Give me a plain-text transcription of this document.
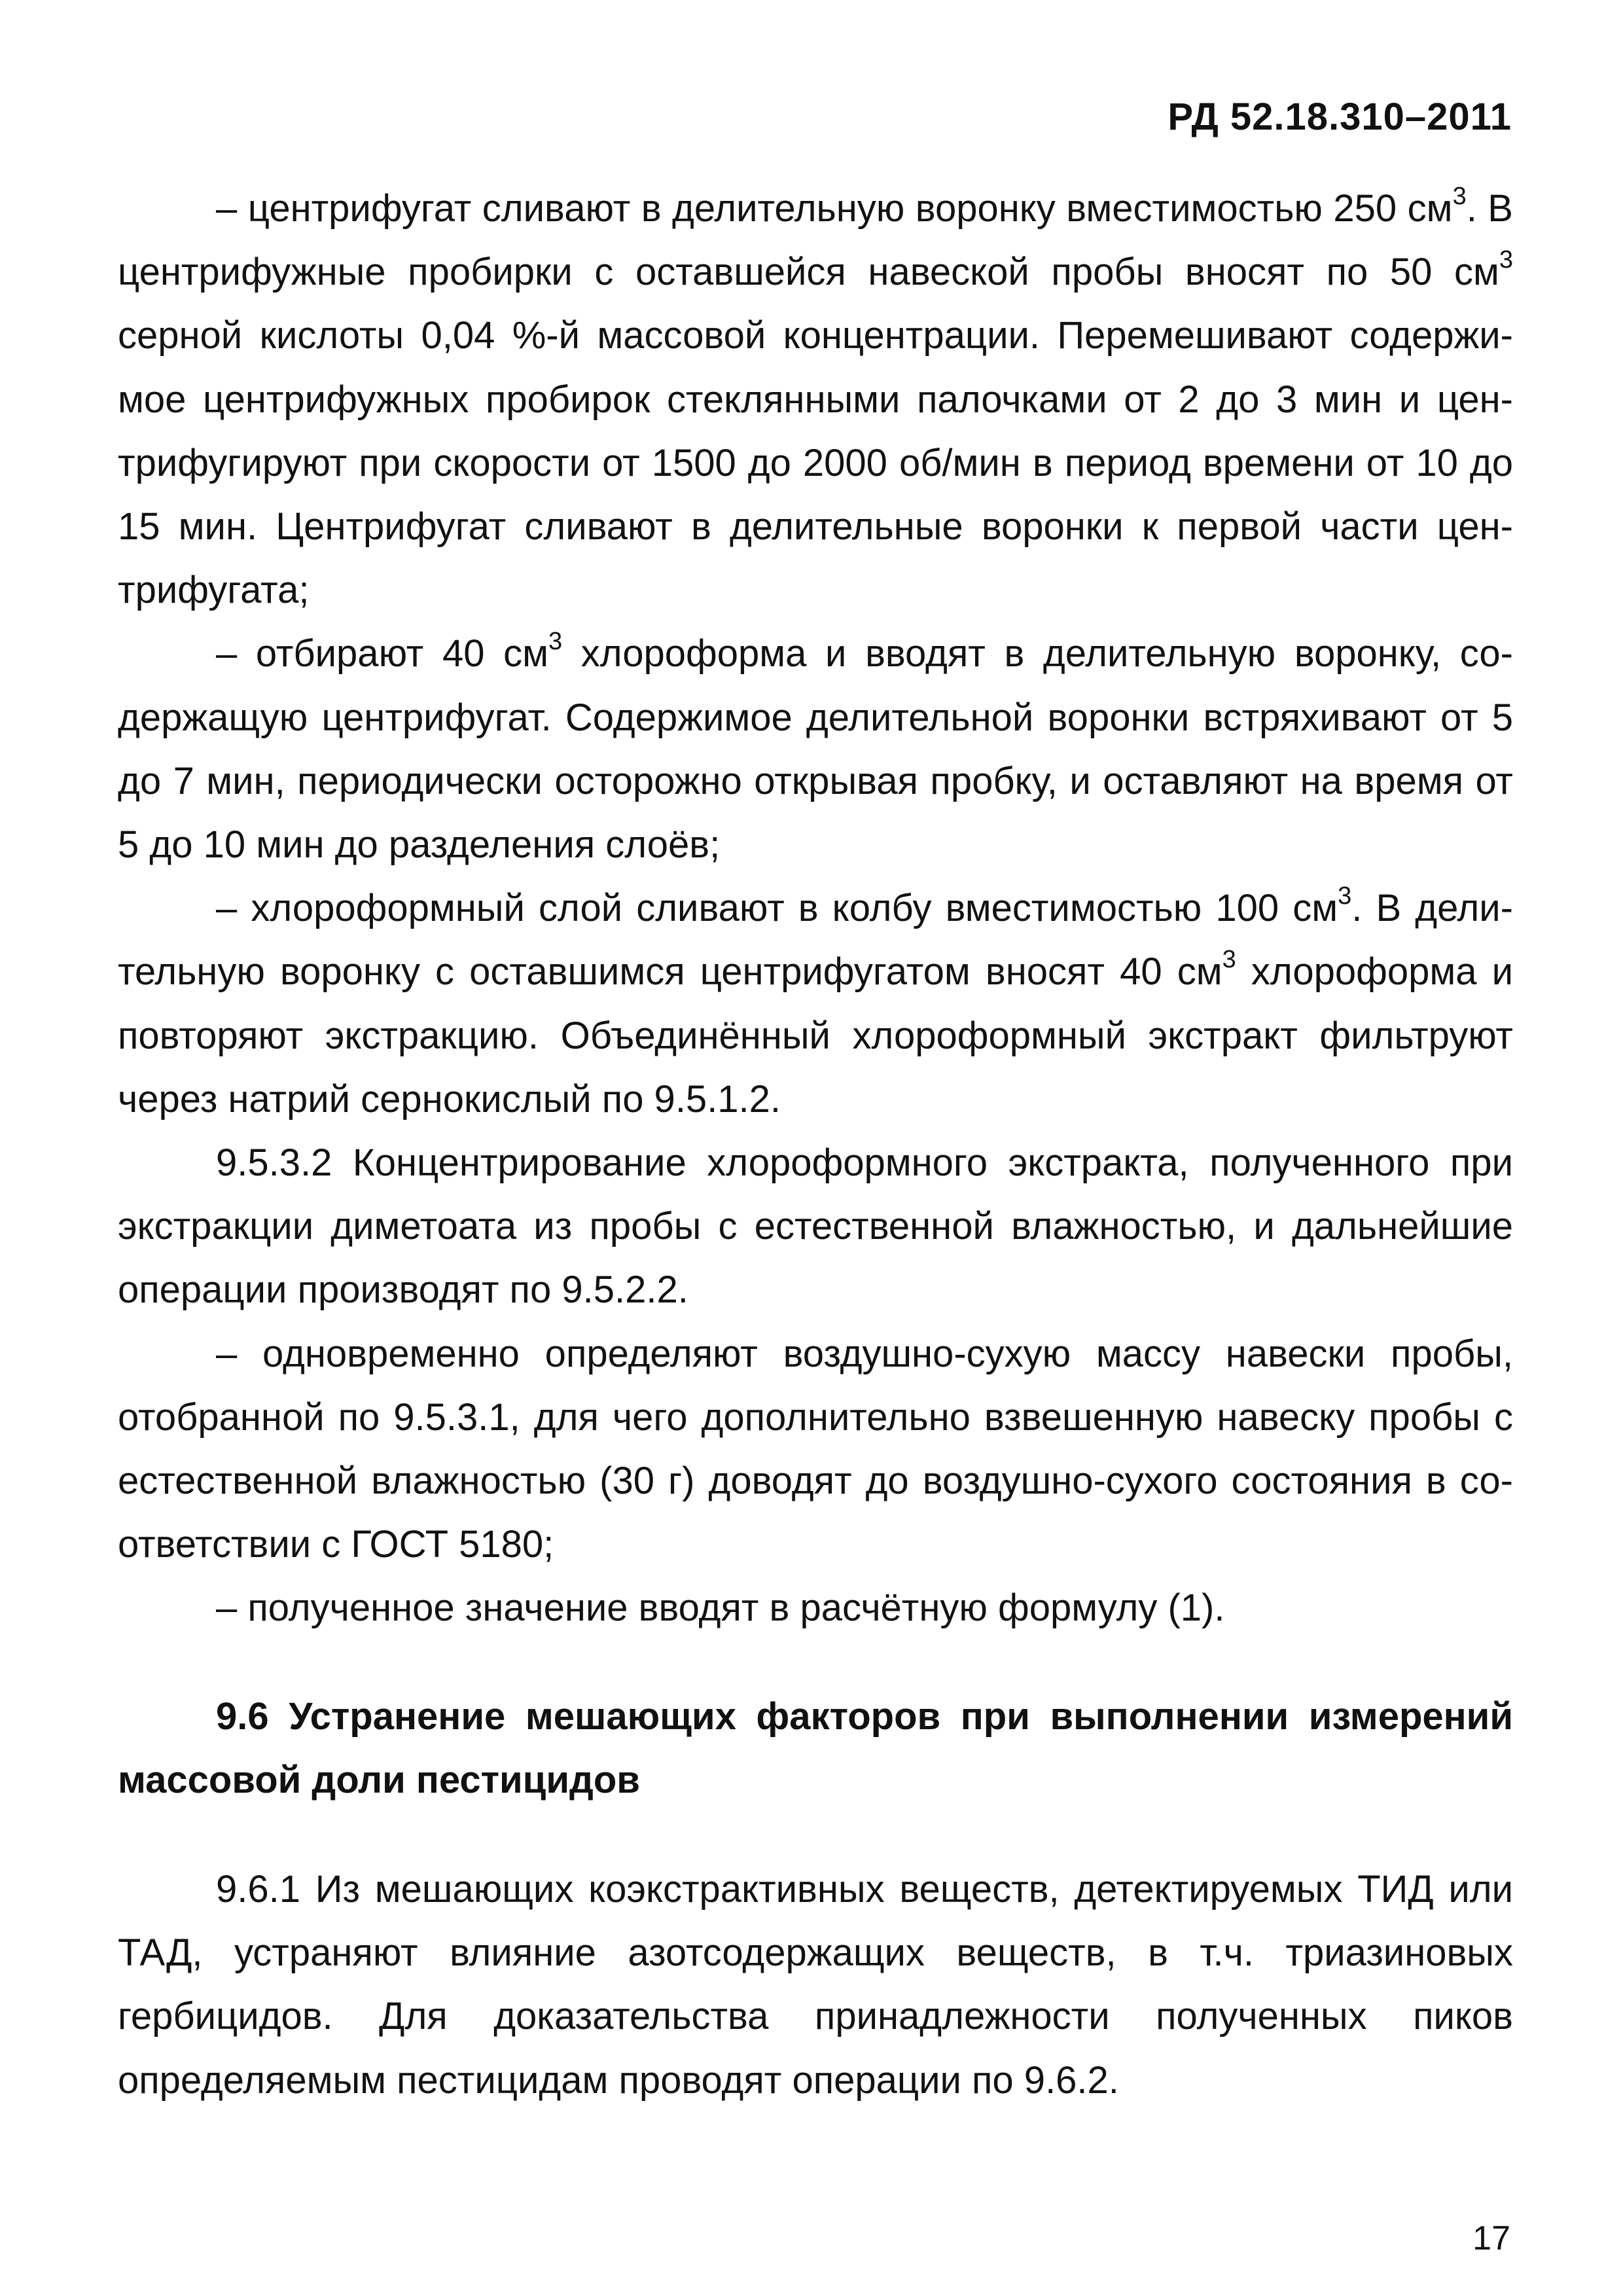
РД 52.18.310–2011

– центрифугат сливают в делительную воронку вместимостью 250 $см^3$. В центрифужные пробирки с оставшейся навеской пробы вносят по 50 $см^3$ серной кислоты 0,04 %-й массовой концентрации. Перемешивают содержимое центрифужных пробирок стеклянными палочками от 2 до 3 мин и центрифугируют при скорости от 1500 до 2000 об/мин в период времени от 10 до 15 мин. Центрифугат сливают в делительные воронки к первой части центрифугата;

– отбирают 40 $см^3$ хлороформа и вводят в делительную воронку, содержащую центрифугат. Содержимое делительной воронки встряхивают от 5 до 7 мин, периодически осторожно открывая пробку, и оставляют на время от 5 до 10 мин до разделения слоёв;

– хлороформный слой сливают в колбу вместимостью 100 $см^3$. В делительную воронку с оставшимся центрифугатом вносят 40 $см^3$ хлороформа и повторяют экстракцию. Объединённый хлороформный экстракт фильтруют через натрий сернокислый по 9.5.1.2.

9.5.3.2 Концентрирование хлороформного экстракта, полученного при экстракции диметоата из пробы с естественной влажностью, и дальнейшие операции производят по 9.5.2.2.

– одновременно определяют воздушно-сухую массу навески пробы, отобранной по 9.5.3.1, для чего дополнительно взвешенную навеску пробы с естественной влажностью (30 г) доводят до воздушно-сухого состояния в соответствии с ГОСТ 5180;

– полученное значение вводят в расчётную формулу (1).

9.6 Устранение мешающих факторов при выполнении измерений массовой доли пестицидов

9.6.1 Из мешающих коэкстрактивных веществ, детектируемых ТИД или ТАД, устраняют влияние азотсодержащих веществ, в т.ч. триазиновых гербицидов. Для доказательства принадлежности полученных пиков определяемым пестицидам проводят операции по 9.6.2.

17
